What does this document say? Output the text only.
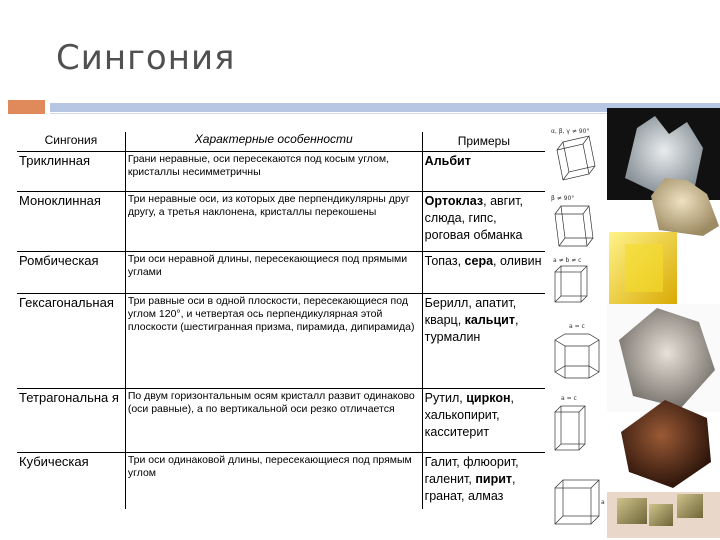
Сингония
Сингония	Характерные особенности	Примеры
Триклинная	Грани неравные, оси пересекаются под косым углом, кристаллы несимметричны	Альбит
Моноклинная	Три неравные оси, из которых две перпендикулярны друг другу, а третья наклонена, кристаллы перекошены	Ортоклаз, авгит, слюда, гипс, роговая обманка
Ромбическая	Три оси неравной длины, пересекающиеся под прямыми углами	Топаз, сера, оливин
Гексагональная	Три равные оси в одной плоскости, пересекающиеся под углом 120°, и четвертая ось перпендикулярная этой плоскости (шестигранная призма, пирамида, дипирамида)	Берилл, апатит, кварц, кальцит, турмалин
Тетрагональна я	По двум горизонтальным осям кристалл развит одинаково (оси равные), а по вертикальной оси резко отличается	Рутил, циркон, халькопирит, касситерит
Кубическая	Три оси одинаковой длины, пересекающиеся под прямым углом	Галит, флюорит, галенит, пирит, гранат, алмаз
α, β, γ ≠ 90°
β ≠ 90°
a ≠ b ≠ c
a = c
a = c
a
